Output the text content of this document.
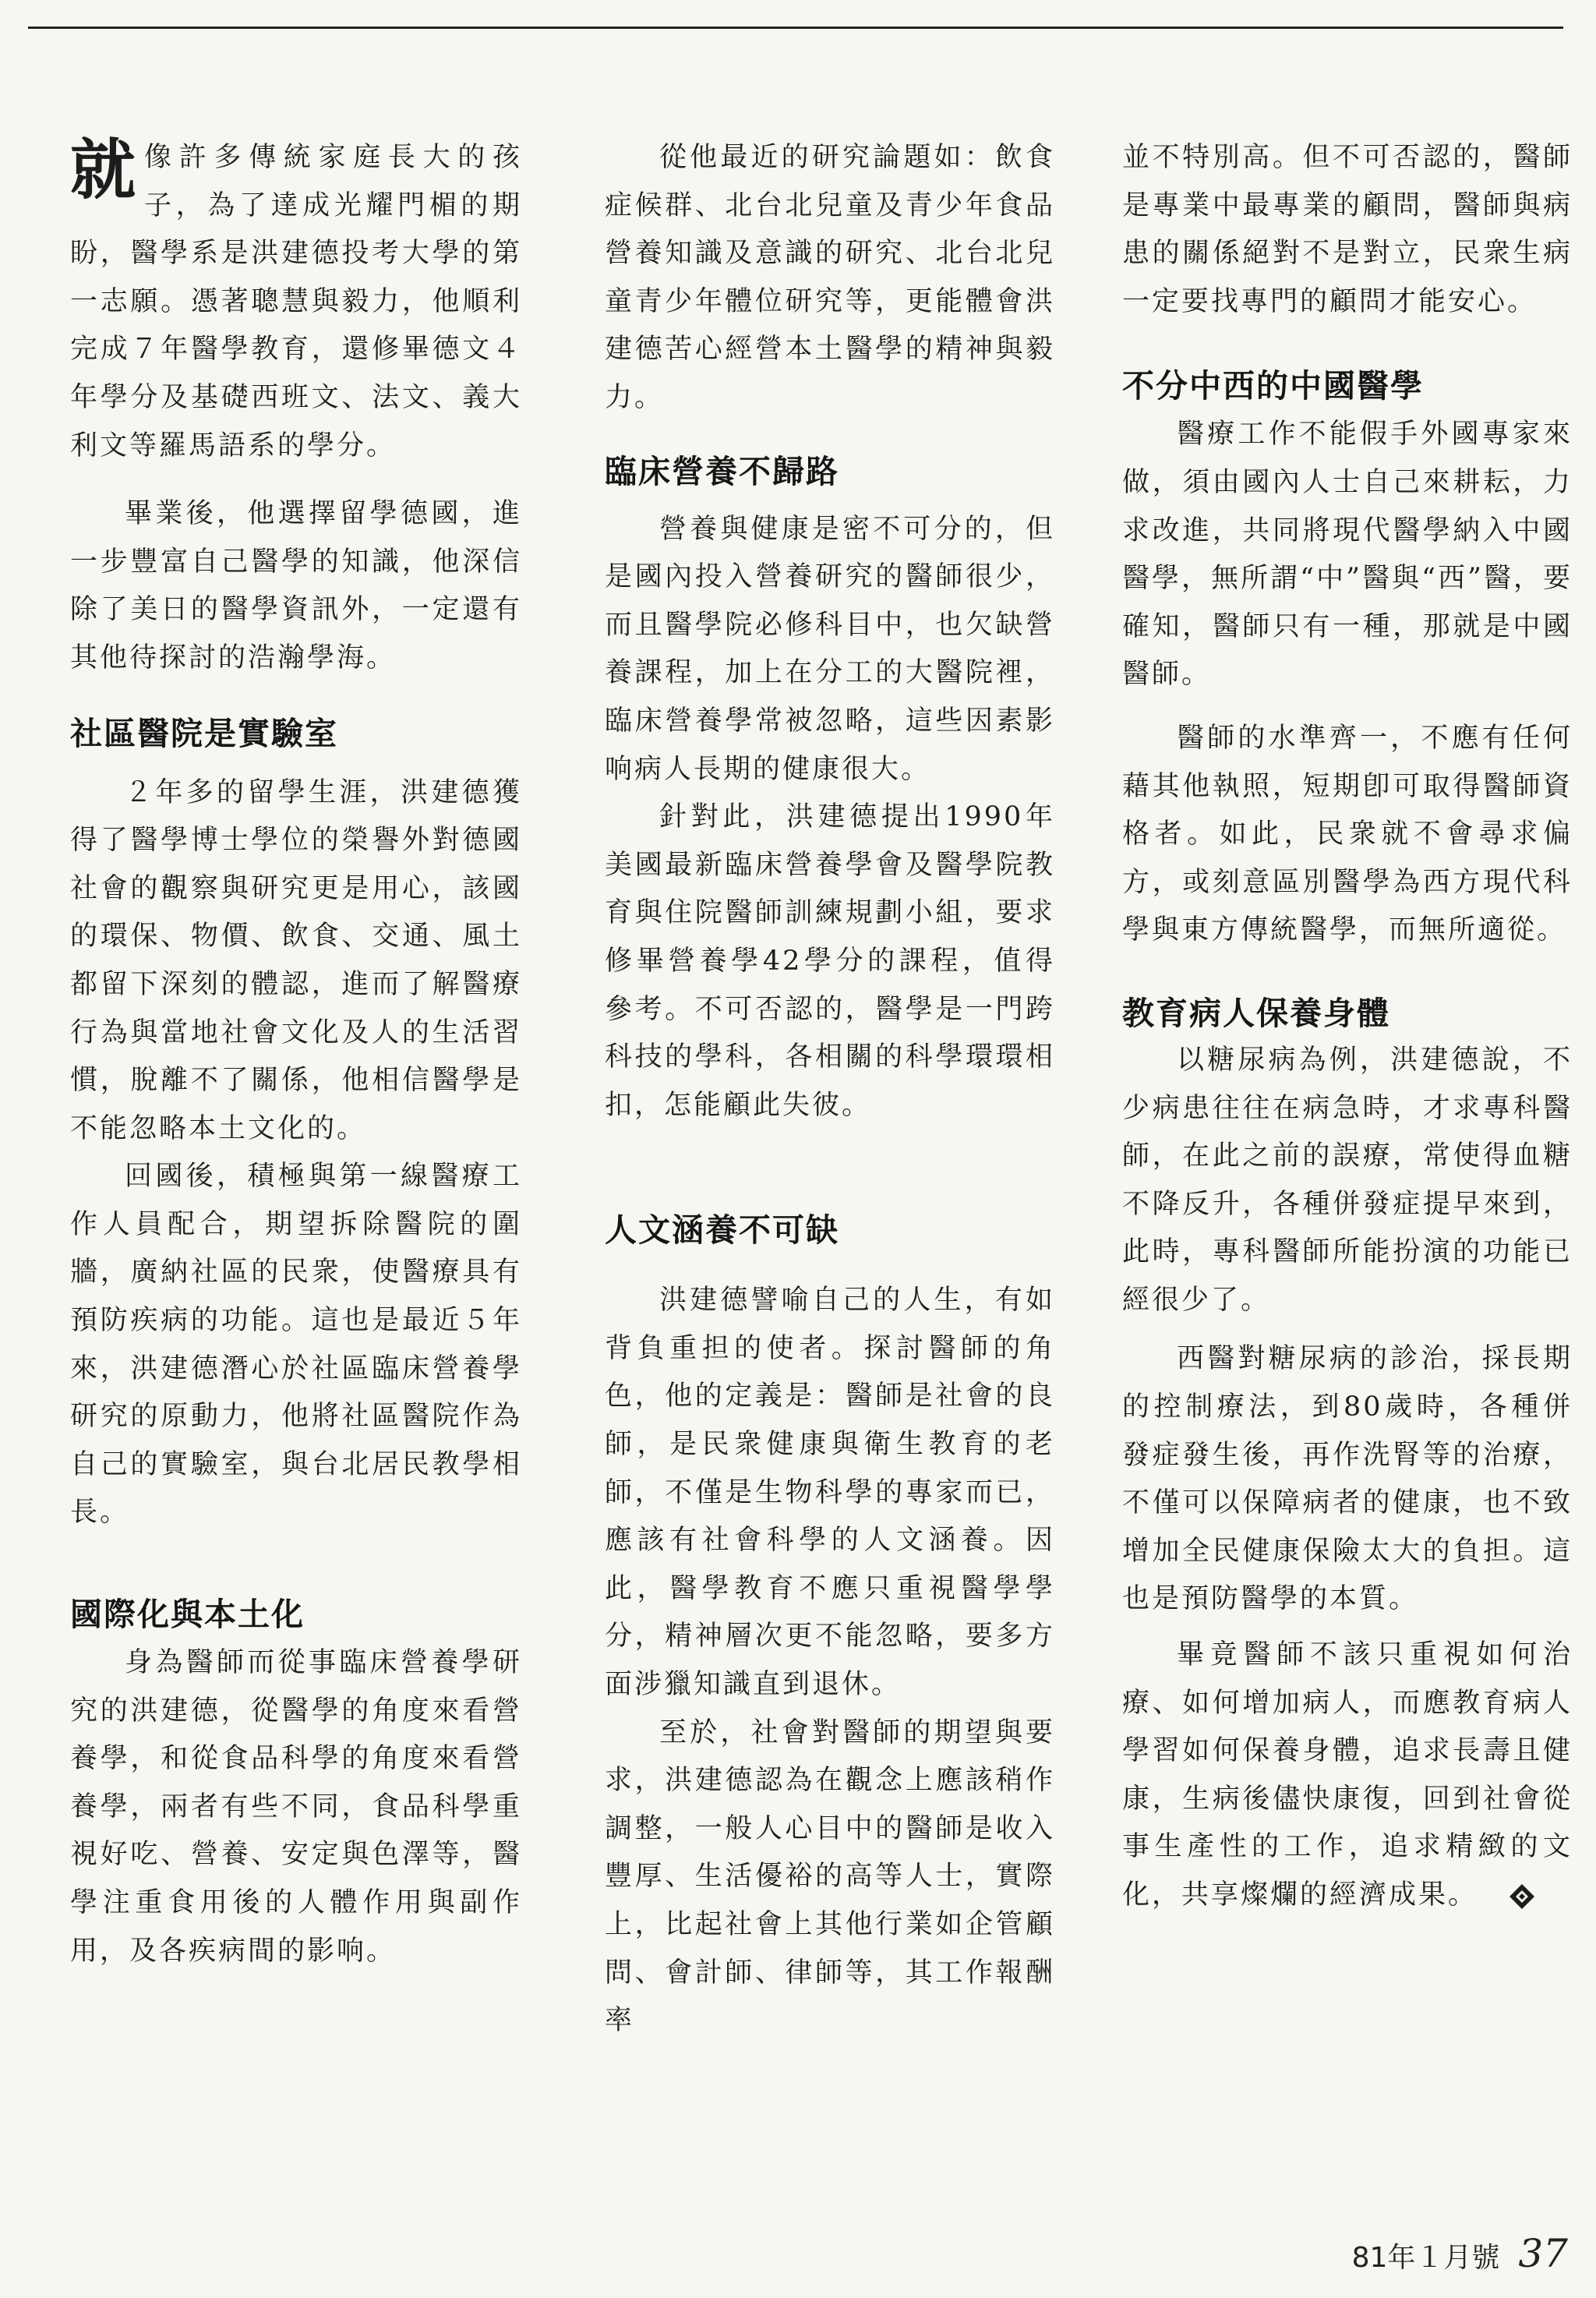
就像許多傳統家庭長大的孩子，為了達成光耀門楣的期盼，醫學系是洪建德投考大學的第一志願。憑著聰慧與毅力，他順利完成７年醫學教育，還修畢德文４年學分及基礎西班文、法文、義大利文等羅馬語系的學分。

畢業後，他選擇留學德國，進一步豐富自己醫學的知識，他深信除了美日的醫學資訊外，一定還有其他待探討的浩瀚學海。

社區醫院是實驗室

２年多的留學生涯，洪建德獲得了醫學博士學位的榮譽外對德國社會的觀察與研究更是用心，該國的環保、物價、飲食、交通、風土都留下深刻的體認，進而了解醫療行為與當地社會文化及人的生活習慣，脫離不了關係，他相信醫學是不能忽略本土文化的。

回國後，積極與第一線醫療工作人員配合，期望拆除醫院的圍牆，廣納社區的民衆，使醫療具有預防疾病的功能。這也是最近５年來，洪建德潛心於社區臨床營養學研究的原動力，他將社區醫院作為自己的實驗室，與台北居民教學相長。

國際化與本土化

身為醫師而從事臨床營養學研究的洪建德，從醫學的角度來看營養學，和從食品科學的角度來看營養學，兩者有些不同，食品科學重視好吃、營養、安定與色澤等，醫學注重食用後的人體作用與副作用，及各疾病間的影响。

從他最近的研究論題如：飲食症候群、北台北兒童及青少年食品營養知識及意識的研究、北台北兒童青少年體位研究等，更能體會洪建德苦心經營本土醫學的精神與毅力。

臨床營養不歸路

營養與健康是密不可分的，但是國內投入營養研究的醫師很少，而且醫學院必修科目中，也欠缺營養課程，加上在分工的大醫院裡，臨床營養學常被忽略，這些因素影响病人長期的健康很大。

針對此，洪建德提出1990年美國最新臨床營養學會及醫學院教育與住院醫師訓練規劃小組，要求修畢營養學42學分的課程，值得參考。不可否認的，醫學是一門跨科技的學科，各相關的科學環環相扣，怎能顧此失彼。

人文涵養不可缺

洪建德譬喻自己的人生，有如背負重担的使者。探討醫師的角色，他的定義是：醫師是社會的良師，是民衆健康與衛生教育的老師，不僅是生物科學的專家而已，應該有社會科學的人文涵養。因此，醫學教育不應只重視醫學學分，精神層次更不能忽略，要多方面涉獵知識直到退休。

至於，社會對醫師的期望與要求，洪建德認為在觀念上應該稍作調整，一般人心目中的醫師是收入豐厚、生活優裕的高等人士，實際上，比起社會上其他行業如企管顧問、會計師、律師等，其工作報酬率

並不特別高。但不可否認的，醫師是專業中最專業的顧問，醫師與病患的關係絕對不是對立，民衆生病一定要找專門的顧問才能安心。

不分中西的中國醫學

醫療工作不能假手外國專家來做，須由國內人士自己來耕耘，力求改進，共同將現代醫學納入中國醫學，無所謂“中”醫與“西”醫，要確知，醫師只有一種，那就是中國醫師。

醫師的水準齊一，不應有任何藉其他執照，短期卽可取得醫師資格者。如此，民衆就不會尋求偏方，或刻意區別醫學為西方現代科學與東方傳統醫學，而無所適從。

教育病人保養身體

以糖尿病為例，洪建德說，不少病患往往在病急時，才求專科醫師，在此之前的誤療，常使得血糖不降反升，各種併發症提早來到，此時，專科醫師所能扮演的功能已經很少了。

西醫對糖尿病的診治，採長期的控制療法，到80歲時，各種併發症發生後，再作洗腎等的治療，不僅可以保障病者的健康，也不致增加全民健康保險太大的負担。這也是預防醫學的本質。

畢竟醫師不該只重視如何治療、如何增加病人，而應教育病人學習如何保養身體，追求長壽且健康，生病後儘快康復，回到社會從事生產性的工作，追求精緻的文化，共享燦爛的經濟成果。

81年１月號 37
